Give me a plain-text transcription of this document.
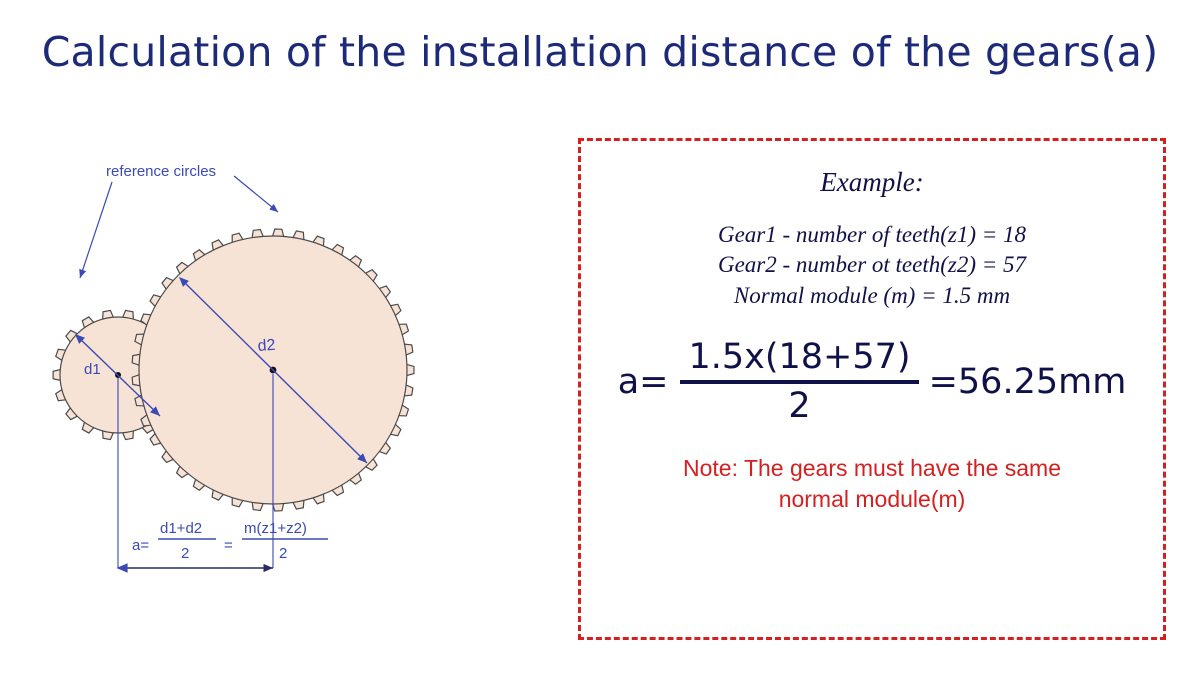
Calculation of the installation distance of the gears(a)
d1
d2
reference circles
a=
d1+d2
2 =
m(z1+z2)
2
Example:
Gear1 - number of teeth(z1) = 18
Gear2 - number ot teeth(z2) = 57
Normal module (m) = 1.5 mm
$a= \frac{1.5x(18+57)}{2} =56.25mm$
Note: The gears must have the same
normal module(m)
